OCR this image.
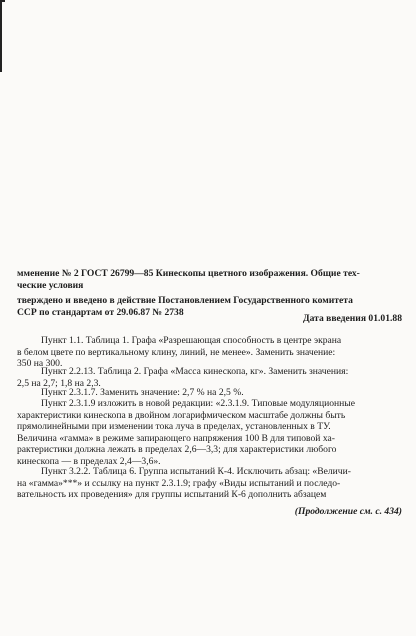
мменение № 2 ГОСТ 26799—85 Кинескопы цветного изображения. Общие тех-
ческие условия
тверждено и введено в действие Постановлением Государственного комитета
ССР по стандартам от 29.06.87 № 2738
Дата введения 01.01.88
Пункт 1.1. Таблица 1. Графа «Разрешающая способность в центре экрана
в белом цвете по вертикальному клину, линий, не менее». Заменить значение:
350 на 300.
Пункт 2.2.13. Таблица 2. Графа «Масса кинескопа, кг». Заменить значения:
2,5 на 2,7; 1,8 на 2,3.
Пункт 2.3.1.7. Заменить значение: 2,7 % на 2,5 %.
Пункт 2.3.1.9 изложить в новой редакции: «2.3.1.9. Типовые модуляционные
характеристики кинескопа в двойном логарифмическом масштабе должны быть
прямолинейными при изменении тока луча в пределах, установленных в ТУ.
Величина «гамма» в режиме запирающего напряжения 100 В для типовой ха-
рактеристики должна лежать в пределах 2,6—3,3; для характеристики любого
кинескопа — в пределах 2,4—3,6».
Пункт 3.2.2. Таблица 6. Группа испытаний К-4. Исключить абзац: «Величи-
на «гамма»***» и ссылку на пункт 2.3.1.9; графу «Виды испытаний и последо-
вательность их проведения» для группы испытаний К-6 дополнить абзацем
(Продолжение см. с. 434)
